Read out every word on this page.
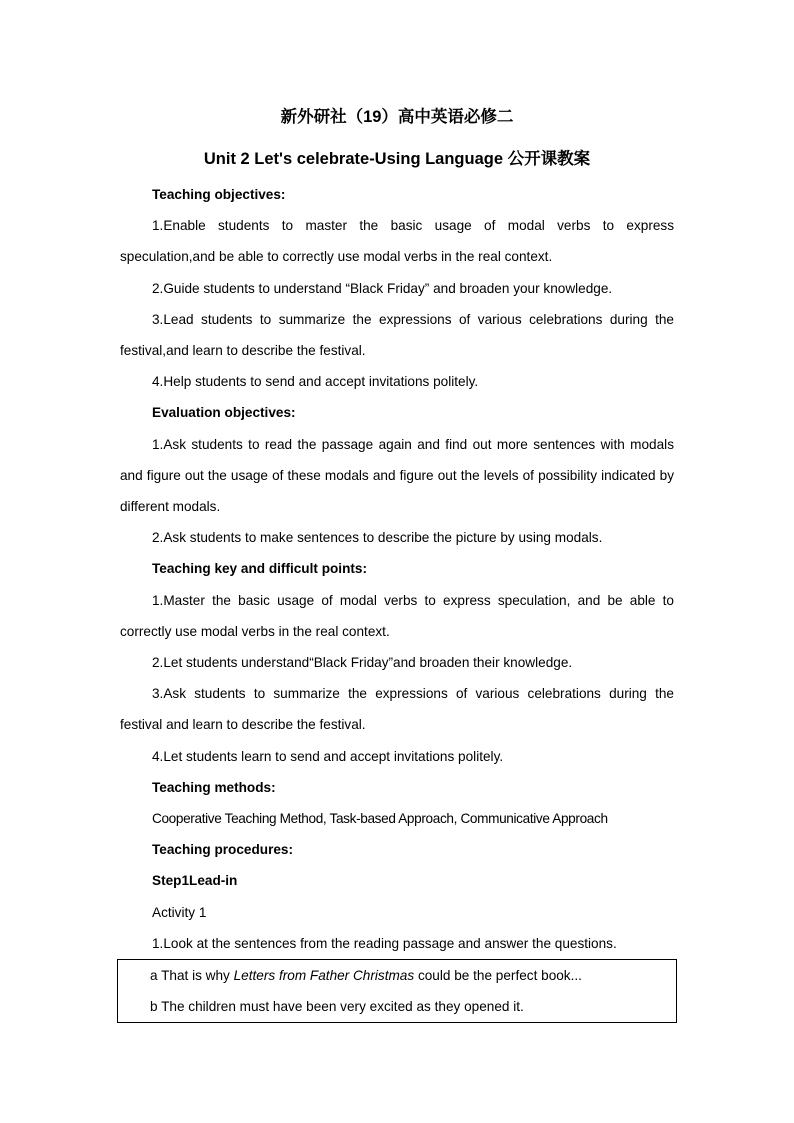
新外研社（19）高中英语必修二
Unit 2 Let's celebrate-Using Language 公开课教案

Teaching objectives:

1.Enable students to master the basic usage of modal verbs to express speculation,and be able to correctly use modal verbs in the real context.

2.Guide students to understand “Black Friday” and broaden your knowledge.

3.Lead students to summarize the expressions of various celebrations during the festival,and learn to describe the festival.

4.Help students to send and accept invitations politely.

Evaluation objectives:

1.Ask students to read the passage again and find out more sentences with modals and figure out the usage of these modals and figure out the levels of possibility indicated by different modals.

2.Ask students to make sentences to describe the picture by using modals.

Teaching key and difficult points:

1.Master the basic usage of modal verbs to express speculation, and be able to correctly use modal verbs in the real context.

2.Let students understand“Black Friday”and broaden their knowledge.

3.Ask students to summarize the expressions of various celebrations during the festival and learn to describe the festival.

4.Let students learn to send and accept invitations politely.

Teaching methods:

Cooperative Teaching Method, Task-based Approach, Communicative Approach

Teaching procedures:

Step1Lead-in

Activity 1

1.Look at the sentences from the reading passage and answer the questions.

a That is why Letters from Father Christmas could be the perfect book...

b The children must have been very excited as they opened it.
